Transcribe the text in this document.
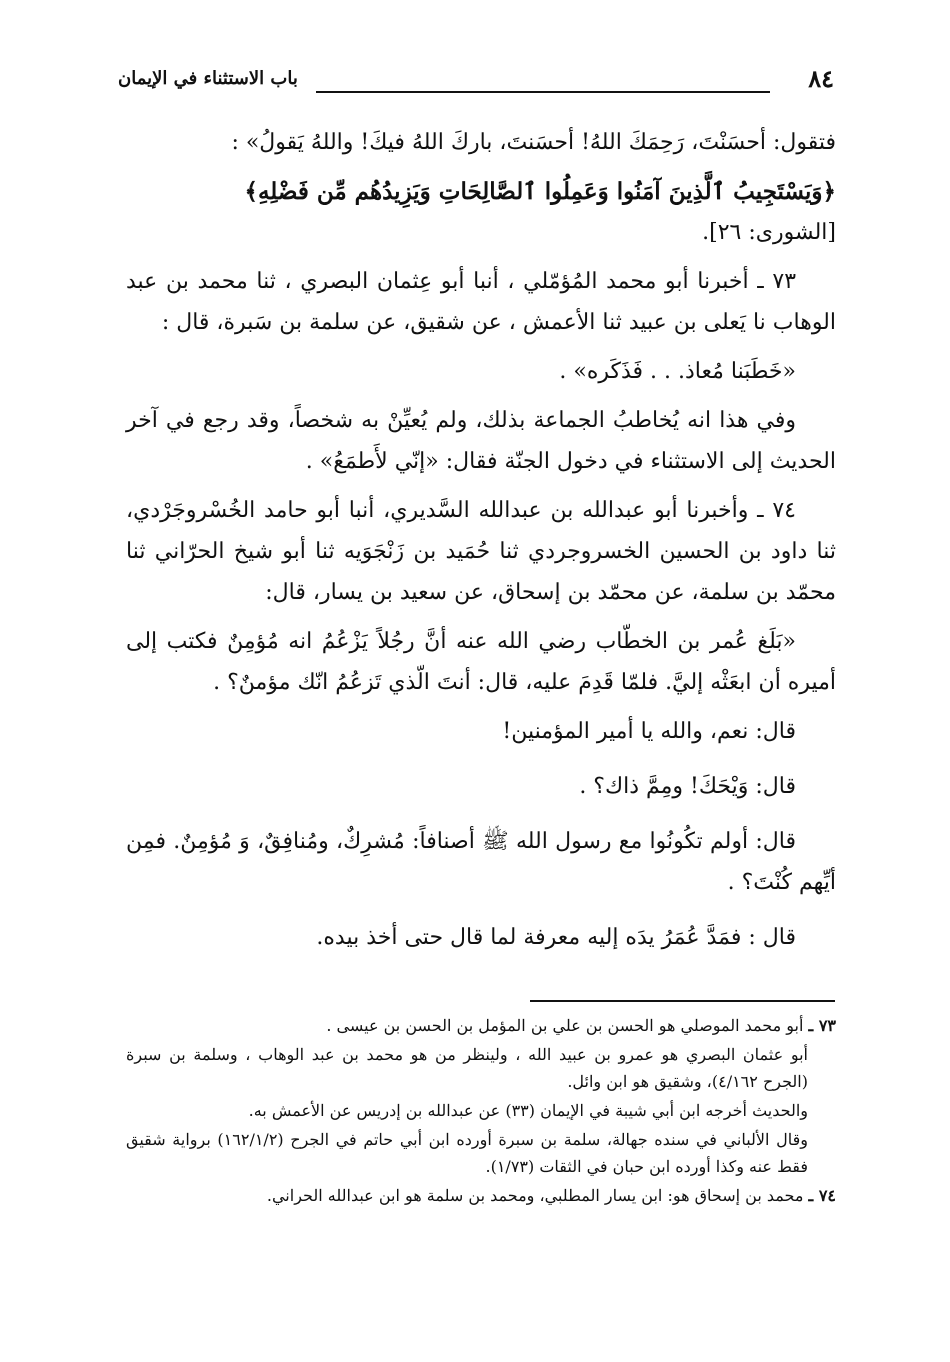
٨٤
باب الاستثناء في الإيمان

فتقول: أحسَنْتَ، رَحِمَكَ اللهُ! أحسَنتَ، باركَ اللهُ فيكَ! واللهُ يَقولُ» :

﴿وَيَسْتَجِيبُ ٱلَّذِينَ آمَنُوا وَعَمِلُوا ٱلصَّالِحَاتِ وَيَزِيدُهُم مِّن فَضْلِهِ﴾

[الشورى: ٢٦].

٧٣ ـ أخبرنا أبو محمد المُؤمّلي ، أنبا أبو عِثمان البصري ، ثنا محمد بن عبد الوهاب نا يَعلى بن عبيد ثنا الأعمش ، عن شقيق، عن سلمة بن سَبرة، قال :

«خَطَبَنا مُعاذ. . . فَذَكَره» .

وفي هذا انه يُخاطبُ الجماعة بذلك، ولم يُعيِّنْ به شخصاً، وقد رجع في آخر الحديث إلى الاستثناء في دخول الجنّة فقال: «إنّي لأَطمَعُ» .

٧٤ ـ وأخبرنا أبو عبدالله بن عبدالله السَّديري، أنبا أبو حامد الخُسْروجَرْدي، ثنا داود بن الحسين الخسروجردي ثنا حُمَيد بن زَنْجَوَيه ثنا أبو شيخ الحرّاني ثنا محمّد بن سلمة، عن محمّد بن إسحاق، عن سعيد بن يسار، قال:

«بَلَغ عُمر بن الخطّاب رضي الله عنه أنَّ رجُلاً يَزْعُمُ انه مُؤمِنٌ فكتب إلى أميره أن ابعَثْه إليَّ. فلمّا قَدِمَ عليه، قال: أنتَ الّذي تَزعُمُ انّك مؤمنٌ؟ .

قال: نعم، والله يا أمير المؤمنين!

قال: وَيْحَكَ! ومِمَّ ذاك؟ .

قال: أولم تكُونُوا مع رسول الله ﷺ أصنافاً: مُشرِكٌ، ومُنافِقٌ، وَ مُؤمِنٌ. فمِن أيِّهم كُنْتَ؟ .

قال : فمَدَّ عُمَرُ يدَه إليه معرفة لما قال حتى أخذ بيده.

٧٣ ـ أبو محمد الموصلي هو الحسن بن علي بن المؤمل بن الحسن بن عيسى .

أبو عثمان البصري هو عمرو بن عبيد الله ، ولينظر من هو محمد بن عبد الوهاب ، وسلمة بن سبرة (الجرح ٤/١٦٢)، وشقيق هو ابن وائل.

والحديث أخرجه ابن أبي شيبة في الإيمان (٣٣) عن عبدالله بن إدريس عن الأعمش به.

وقال الألباني في سنده جهالة، سلمة بن سبرة أورده ابن أبي حاتم في الجرح (١٦٢/١/٢) برواية شقيق فقط عنه وكذا أورده ابن حبان في الثقات (١/٧٣).

٧٤ ـ محمد بن إسحاق هو: ابن يسار المطلبي، ومحمد بن سلمة هو ابن عبدالله الحراني.
